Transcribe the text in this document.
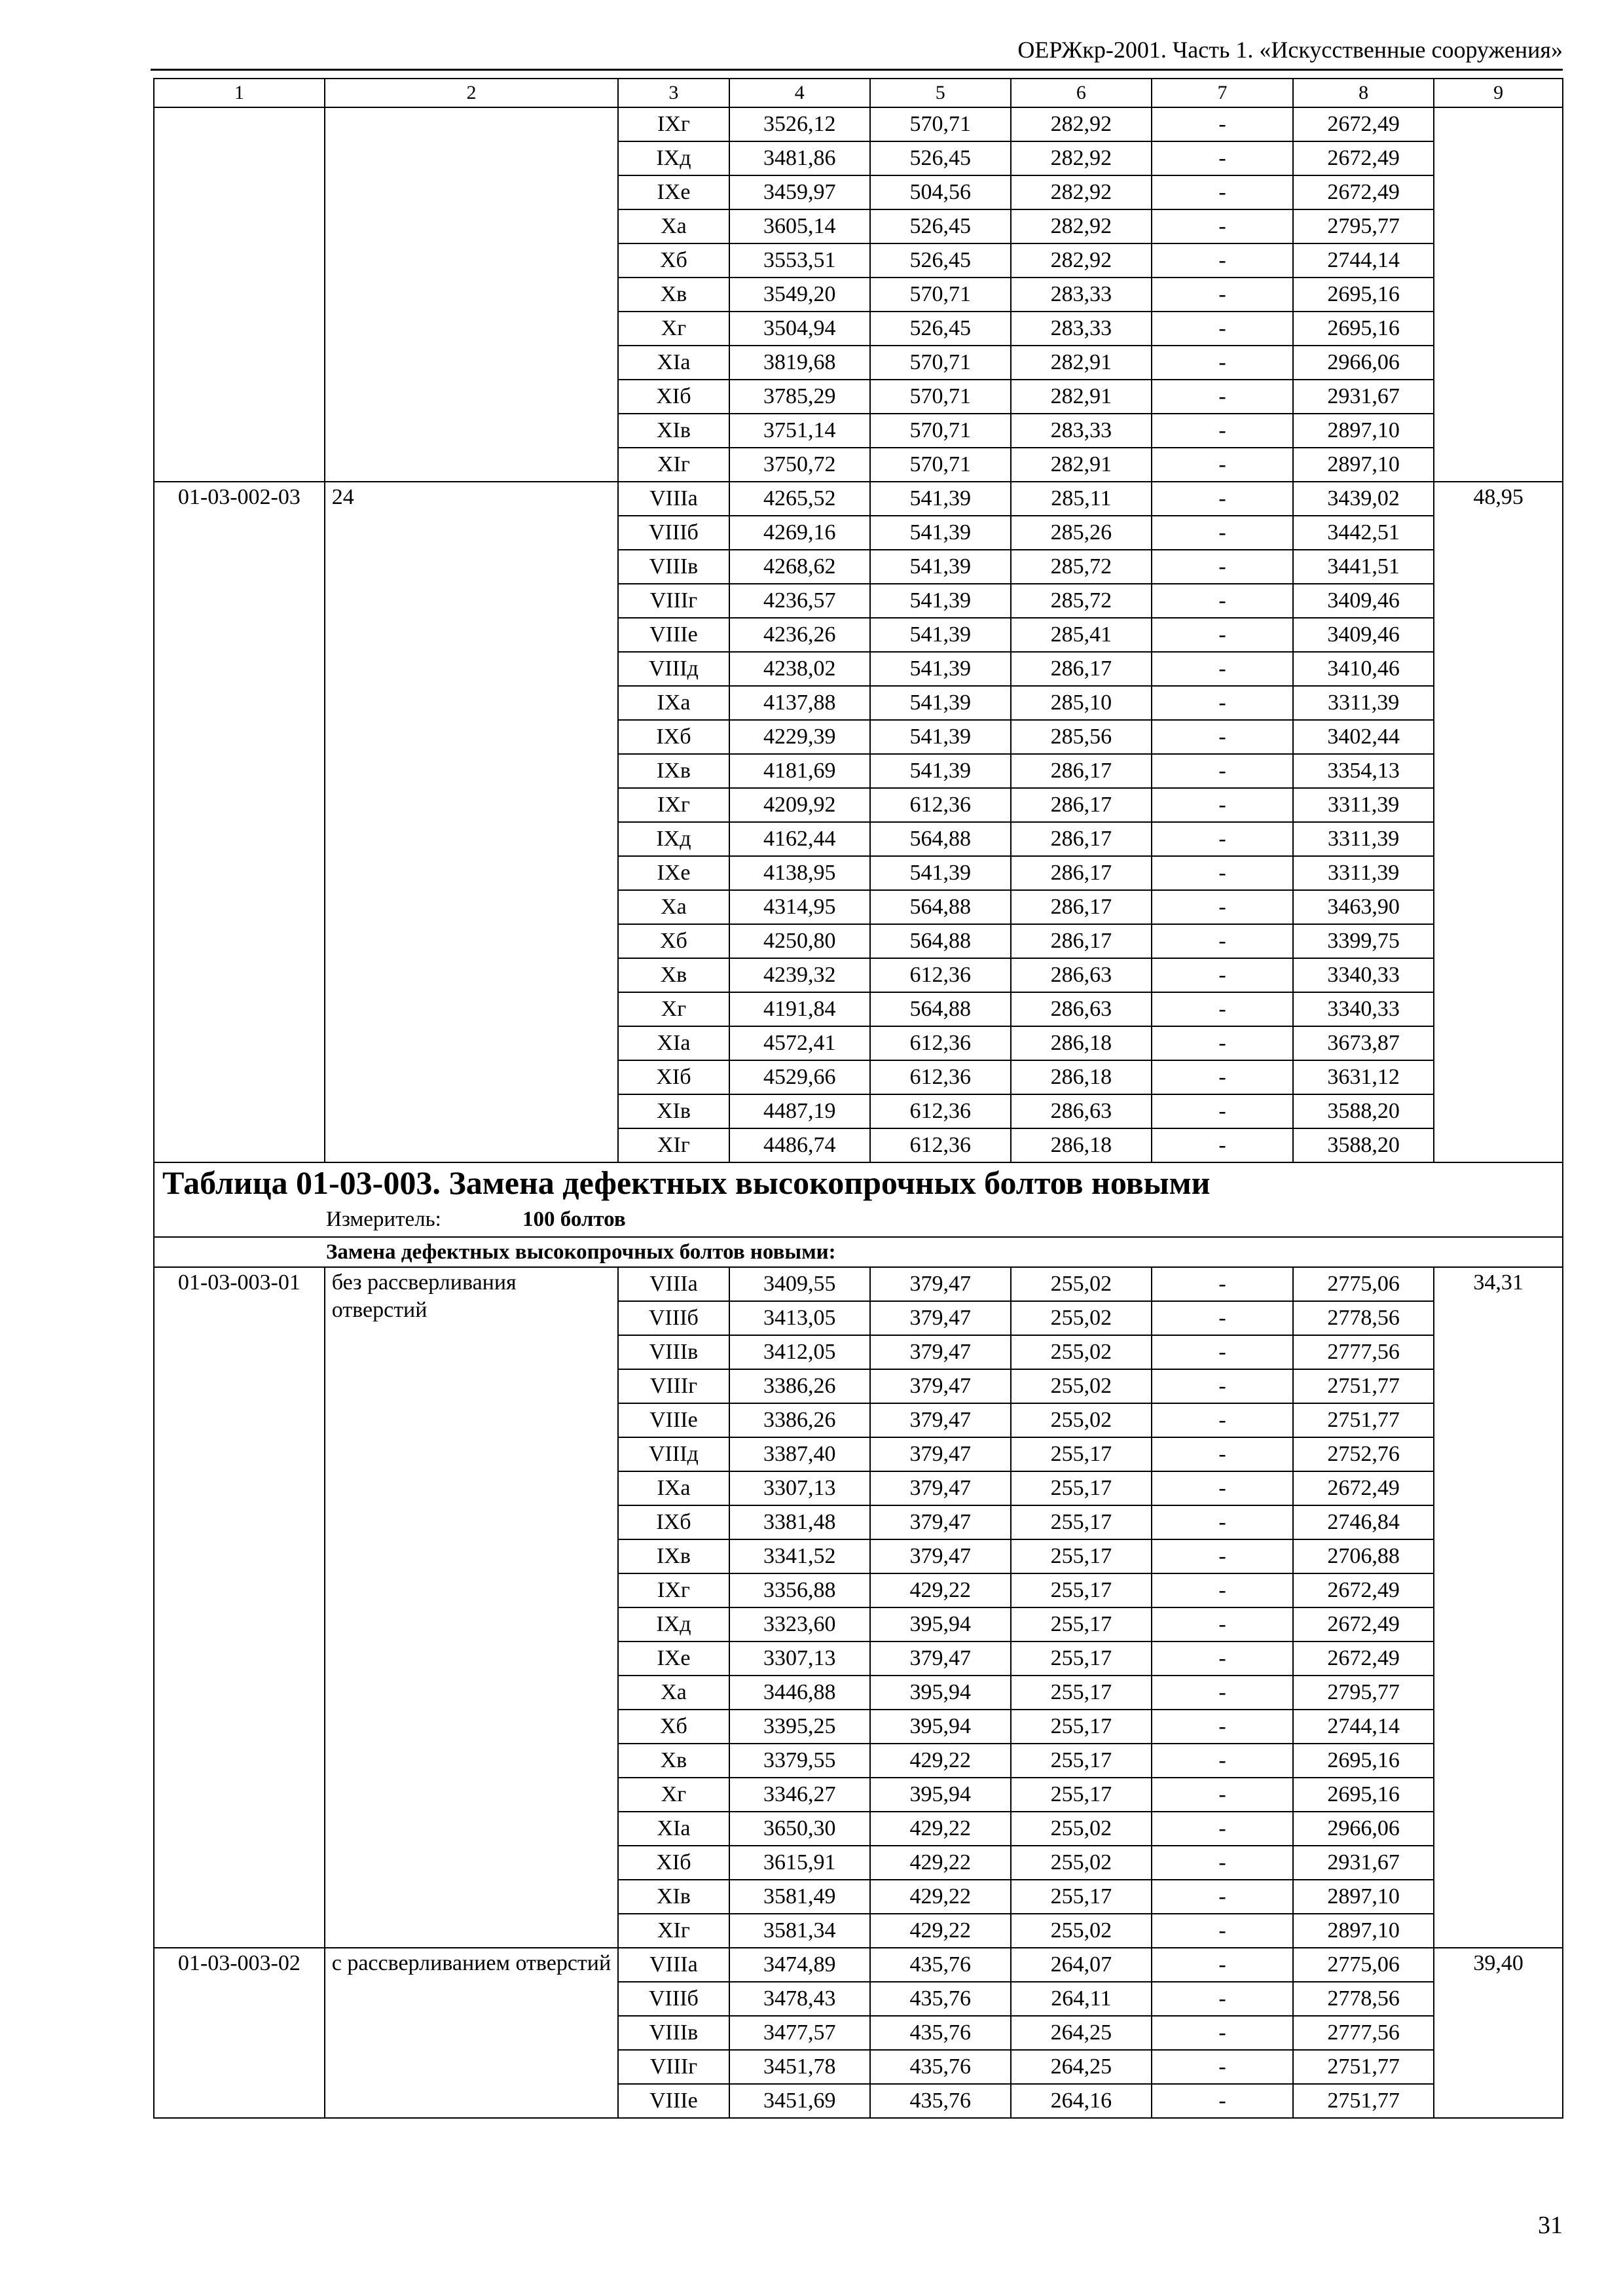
ОЕРЖкр-2001. Часть 1. «Искусственные сооружения»
1	2	3	4	5	6	7	8	9
		IXг	3526,12	570,71	282,92	-	2672,49	
		IXд	3481,86	526,45	282,92	-	2672,49	
		IXе	3459,97	504,56	282,92	-	2672,49	
		Xа	3605,14	526,45	282,92	-	2795,77	
		Xб	3553,51	526,45	282,92	-	2744,14	
		Xв	3549,20	570,71	283,33	-	2695,16	
		Xг	3504,94	526,45	283,33	-	2695,16	
		XIа	3819,68	570,71	282,91	-	2966,06	
		XIб	3785,29	570,71	282,91	-	2931,67	
		XIв	3751,14	570,71	283,33	-	2897,10	
		XIг	3750,72	570,71	282,91	-	2897,10	
01-03-002-03	24	VIIIа	4265,52	541,39	285,11	-	3439,02	48,95
		VIIIб	4269,16	541,39	285,26	-	3442,51	
		VIIIв	4268,62	541,39	285,72	-	3441,51	
		VIIIг	4236,57	541,39	285,72	-	3409,46	
		VIIIе	4236,26	541,39	285,41	-	3409,46	
		VIIIд	4238,02	541,39	286,17	-	3410,46	
		IXа	4137,88	541,39	285,10	-	3311,39	
		IXб	4229,39	541,39	285,56	-	3402,44	
		IXв	4181,69	541,39	286,17	-	3354,13	
		IXг	4209,92	612,36	286,17	-	3311,39	
		IXд	4162,44	564,88	286,17	-	3311,39	
		IXе	4138,95	541,39	286,17	-	3311,39	
		Xа	4314,95	564,88	286,17	-	3463,90	
		Xб	4250,80	564,88	286,17	-	3399,75	
		Xв	4239,32	612,36	286,63	-	3340,33	
		Xг	4191,84	564,88	286,63	-	3340,33	
		XIа	4572,41	612,36	286,18	-	3673,87	
		XIб	4529,66	612,36	286,18	-	3631,12	
		XIв	4487,19	612,36	286,63	-	3588,20	
		XIг	4486,74	612,36	286,18	-	3588,20	
Таблица 01-03-003. Замена дефектных высокопрочных болтов новыми								
Измеритель: 100 болтов								
Замена дефектных высокопрочных болтов новыми:								
01-03-003-01	без рассверливания отверстий	VIIIа	3409,55	379,47	255,02	-	2775,06	34,31
		VIIIб	3413,05	379,47	255,02	-	2778,56	
		VIIIв	3412,05	379,47	255,02	-	2777,56	
		VIIIг	3386,26	379,47	255,02	-	2751,77	
		VIIIе	3386,26	379,47	255,02	-	2751,77	
		VIIIд	3387,40	379,47	255,17	-	2752,76	
		IXа	3307,13	379,47	255,17	-	2672,49	
		IXб	3381,48	379,47	255,17	-	2746,84	
		IXв	3341,52	379,47	255,17	-	2706,88	
		IXг	3356,88	429,22	255,17	-	2672,49	
		IXд	3323,60	395,94	255,17	-	2672,49	
		IXе	3307,13	379,47	255,17	-	2672,49	
		Xа	3446,88	395,94	255,17	-	2795,77	
		Xб	3395,25	395,94	255,17	-	2744,14	
		Xв	3379,55	429,22	255,17	-	2695,16	
		Xг	3346,27	395,94	255,17	-	2695,16	
		XIа	3650,30	429,22	255,02	-	2966,06	
		XIб	3615,91	429,22	255,02	-	2931,67	
		XIв	3581,49	429,22	255,17	-	2897,10	
		XIг	3581,34	429,22	255,02	-	2897,10	
01-03-003-02	с рассверливанием отверстий	VIIIа	3474,89	435,76	264,07	-	2775,06	39,40
		VIIIб	3478,43	435,76	264,11	-	2778,56	
		VIIIв	3477,57	435,76	264,25	-	2777,56	
		VIIIг	3451,78	435,76	264,25	-	2751,77	
		VIIIе	3451,69	435,76	264,16	-	2751,77	
31
